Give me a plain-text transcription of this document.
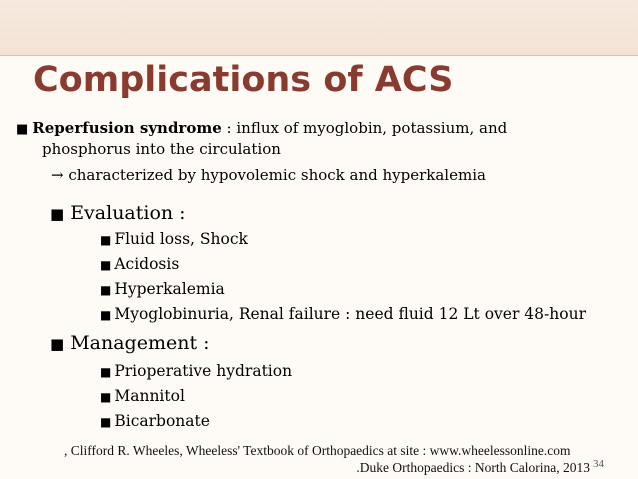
Complications of ACS
■ Reperfusion syndrome : influx of myoglobin, potassium, and
phosphorus into the circulation
→ characterized by hypovolemic shock and hyperkalemia
■ Evaluation :
■ Fluid loss, Shock
■ Acidosis
■ Hyperkalemia
■ Myoglobinuria, Renal failure : need fluid 12 Lt over 48-hour
■ Management :
■ Prioperative hydration
■ Mannitol
■ Bicarbonate
, Clifford R. Wheeles, Wheeless' Textbook of Orthopaedics at site : www.wheelessonline.com
.Duke Orthopaedics : North Calorina, 2013 34
